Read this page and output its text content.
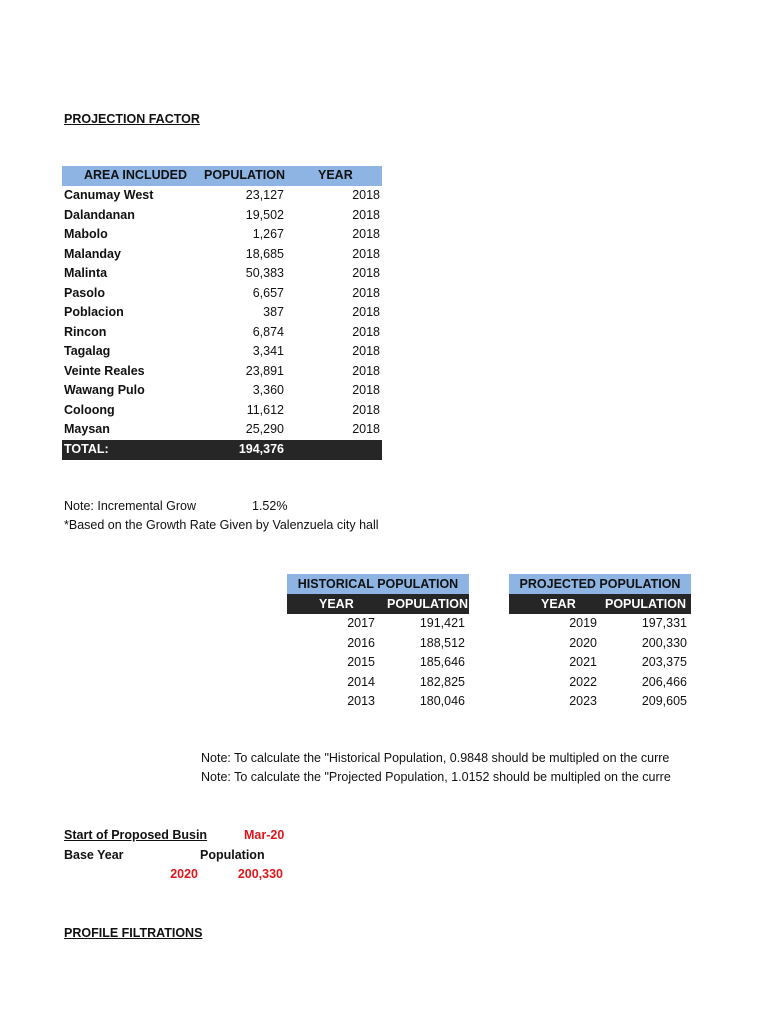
PROJECTION FACTOR
AREA INCLUDED POPULATION	YEAR
Canumay West	23,127	2018
Dalandanan	19,502	2018
Mabolo	1,267	2018
Malanday	18,685	2018
Malinta	50,383	2018
Pasolo	6,657	2018
Poblacion	387	2018
Rincon	6,874	2018
Tagalag	3,341	2018
Veinte Reales	23,891	2018
Wawang Pulo	3,360	2018
Coloong	11,612	2018
Maysan	25,290	2018
TOTAL:	194,376
Note: Incremental Grow	1.52%
*Based on the Growth Rate Given by Valenzuela city hall
HISTORICAL POPULATION
YEAR	POPULATION
2017	191,421
2016	188,512
2015	185,646
2014	182,825
2013	180,046
PROJECTED POPULATION
YEAR POPULATION
2019	197,331
2020	200,330
2021	203,375
2022	206,466
2023	209,605
Note: To calculate the "Historical Population, 0.9848 should be multipled on the curre
Note: To calculate the "Projected Population, 1.0152 should be multipled on the curre
Start of Proposed Busin	Mar-20
Base Year	Population
2020	200,330
PROFILE FILTRATIONS
